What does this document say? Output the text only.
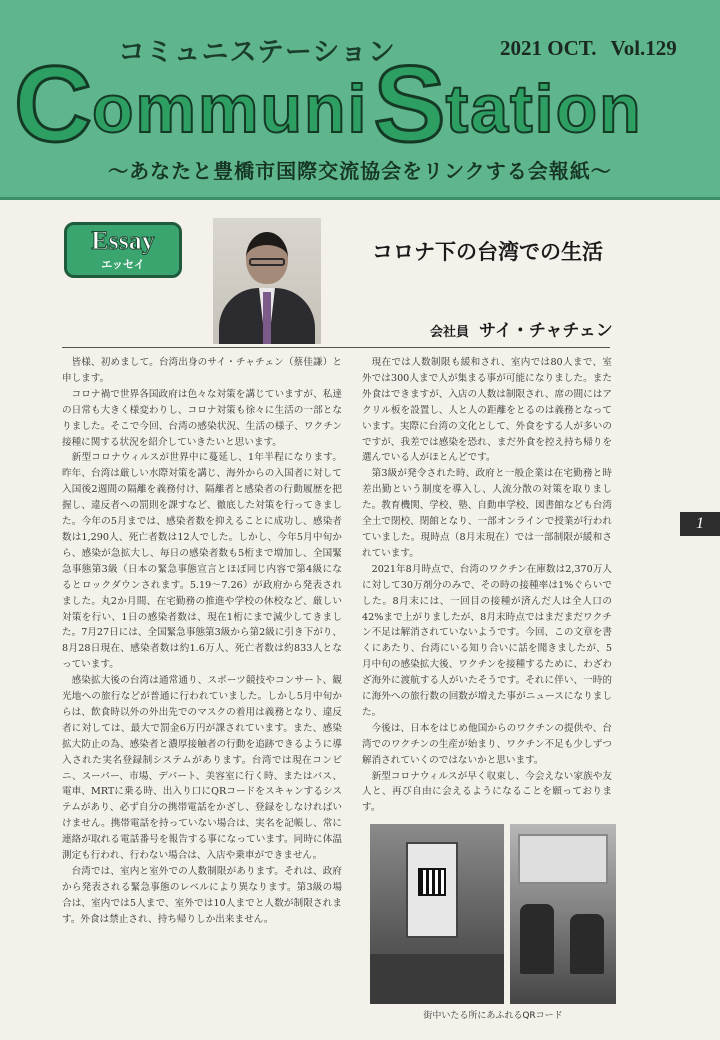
コミュニステーション	2021 OCT. Vol.129
Communi Station
〜あなたと豊橋市国際交流協会をリンクする会報紙〜
Essay
エッセイ
コロナ下の台湾での生活
会社員 サイ・チャチェン

皆様、初めまして。台湾出身のサイ・チャチェン（蔡佳謙）と申します。

コロナ禍で世界各国政府は色々な対策を講じていますが、私達の日常も大きく様変わりし、コロナ対策も徐々に生活の一部となりました。そこで今回、台湾の感染状況、生活の様子、ワクチン接種に関する状況を紹介していきたいと思います。

新型コロナウィルスが世界中に蔓延し、1年半程になります。昨年、台湾は厳しい水際対策を講じ、海外からの入国者に対して入国後2週間の隔離を義務付け、隔離者と感染者の行動履歴を把握し、違反者への罰則を課すなど、徹底した対策を行ってきました。今年の5月までは、感染者数を抑えることに成功し、感染者数は1,290人、死亡者数は12人でした。しかし、今年5月中旬から、感染が急拡大し、毎日の感染者数も5桁まで増加し、全国緊急事態第3級（日本の緊急事態宣言とほぼ同じ内容で第4級になるとロックダウンされます。5.19〜7.26）が政府から発表されました。丸2か月間、在宅勤務の推進や学校の休校など、厳しい対策を行い、1日の感染者数は、現在1桁にまで減少してきました。7月27日には、全国緊急事態第3級から第2級に引き下がり、8月28日現在、感染者数は約1.6万人、死亡者数は約833人となっています。

感染拡大後の台湾は通常通り、スポーツ競技やコンサート、観光地への旅行などが普通に行われていました。しかし5月中旬からは、飲食時以外の外出先でのマスクの着用は義務となり、違反者に対しては、最大で罰金6万円が課されています。また、感染拡大防止の為、感染者と濃厚接触者の行動を追跡できるように導入された実名登録制システムがあります。台湾では現在コンビニ、スーパー、市場、デパート、美容室に行く時、またはバス、電車、MRTに乗る時、出入り口にQRコードをスキャンするシステムがあり、必ず自分の携帯電話をかざし、登録をしなければいけません。携帯電話を持っていない場合は、実名を記帳し、常に連絡が取れる電話番号を報告する事になっています。同時に体温測定も行われ、行わない場合は、入店や乗車ができません。

台湾では、室内と室外での人数制限があります。それは、政府から発表される緊急事態のレベルにより異なります。第3級の場合は、室内では5人まで、室外では10人までと人数が制限されます。外食は禁止され、持ち帰りしか出来ません。

現在では人数制限も緩和され、室内では80人まで、室外では300人まで人が集まる事が可能になりました。また外食はできますが、入店の人数は制限され、席の間にはアクリル板を設置し、人と人の距離をとるのは義務となっています。実際に台湾の文化として、外食をする人が多いのですが、我差では感染を恐れ、まだ外食を控え持ち帰りを選んでいる人がほとんどです。

第3級が発令された時、政府と一般企業は在宅勤務と時差出勤という制度を導入し、人流分散の対策を取りました。教育機関、学校、塾、自動車学校、図書館なども台湾全土で閉校、閉館となり、一部オンラインで授業が行われていました。現時点（8月末現在）では一部制限が緩和されています。

2021年8月時点で、台湾のワクチン在庫数は2,370万人に対して30万剤分のみで、その時の接種率は1%ぐらいでした。8月末には、一回目の接種が済んだ人は全人口の42%まで上がりましたが、8月末時点ではまだまだワクチン不足は解消されていないようです。今回、この文章を書くにあたり、台湾にいる知り合いに話を聞きましたが、5月中旬の感染拡大後、ワクチンを接種するために、わざわざ海外に渡航する人がいたそうです。それに伴い、一時的に海外への旅行数の回数が増えた事がニュースになりました。

今後は、日本をはじめ他国からのワクチンの提供や、台湾でのワクチンの生産が始まり、ワクチン不足も少しずつ解消されていくのではないかと思います。

新型コロナウィルスが早く収束し、今会えない家族や友人と、再び自由に会えるようになることを願っております。

1
街中いたる所にあふれるQRコード
